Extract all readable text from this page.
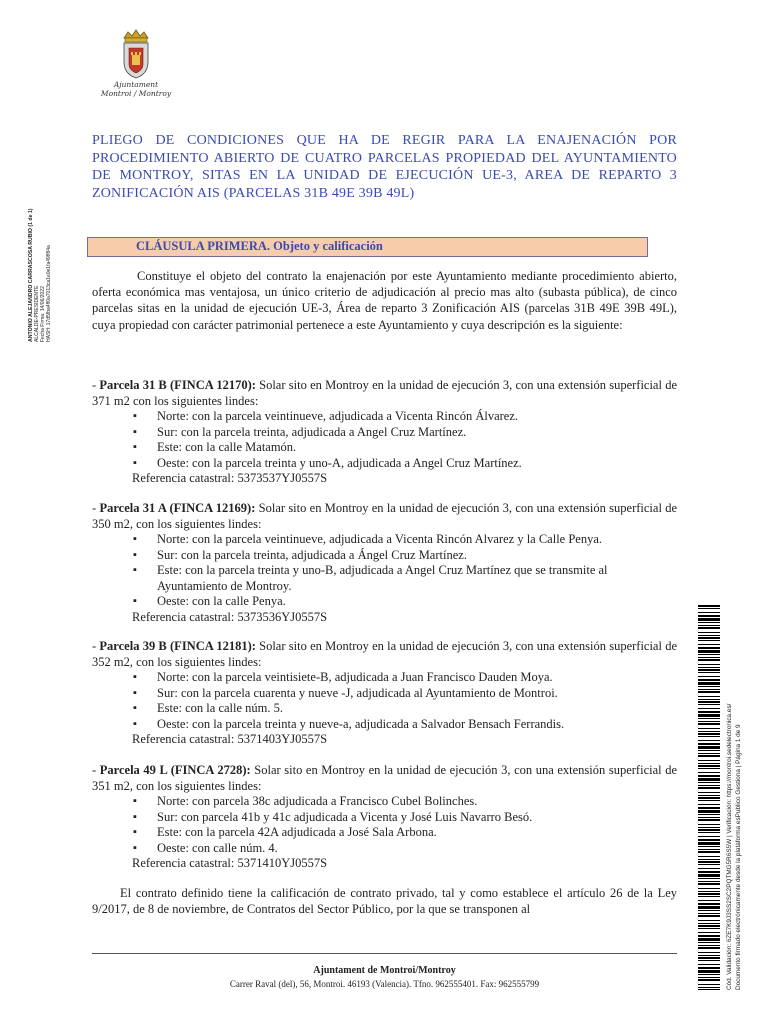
Ajuntament
Montroi / Montroy
PLIEGO DE CONDICIONES QUE HA DE REGIR PARA LA ENAJENACIÓN POR PROCEDIMIENTO ABIERTO DE CUATRO PARCELAS PROPIEDAD DEL AYUNTAMIENTO DE MONTROY, SITAS EN LA UNIDAD DE EJECUCIÓN UE-3, AREA DE REPARTO 3 ZONIFICACIÓN AIS (PARCELAS 31B 49E 39B 49L)
CLÁUSULA PRIMERA. Objeto y calificación
Constituye el objeto del contrato la enajenación por este Ayuntamiento mediante procedimiento abierto, oferta económica mas ventajosa, un único criterio de adjudicación al precio mas alto (subasta pública), de cinco parcelas sitas en la unidad de ejecución UE-3, Área de reparto 3 Zonificación AIS (parcelas 31B 49E 39B 49L), cuya propiedad con carácter patrimonial pertenece a este Ayuntamiento y cuya descripción es la siguiente:
- Parcela 31 B (FINCA 12170): Solar sito en Montroy en la unidad de ejecución 3, con una extensión superficial de 371 m2 con los siguientes lindes:
▪ Norte: con la parcela veintinueve, adjudicada a Vicenta Rincón Álvarez.
▪ Sur: con la parcela treinta, adjudicada a Angel Cruz Martínez.
▪ Este: con la calle Matamón.
▪ Oeste: con la parcela treinta y uno-A, adjudicada a Angel Cruz Martínez.
Referencia catastral: 5373537YJ0557S
- Parcela 31 A (FINCA 12169): Solar sito en Montroy en la unidad de ejecución 3, con una extensión superficial de 350 m2, con los siguientes lindes:
▪ Norte: con la parcela veintinueve, adjudicada a Vicenta Rincón Alvarez y la Calle Penya.
▪ Sur: con la parcela treinta, adjudicada a Ángel Cruz Martínez.
▪ Este: con la parcela treinta y uno-B, adjudicada a Angel Cruz Martínez que se transmite al Ayuntamiento de Montroy.
▪ Oeste: con la calle Penya.
Referencia catastral: 5373536YJ0557S
- Parcela 39 B (FINCA 12181): Solar sito en Montroy en la unidad de ejecución 3, con una extensión superficial de 352 m2, con los siguientes lindes:
▪ Norte: con la parcela veintisiete-B, adjudicada a Juan Francisco Dauden Moya.
▪ Sur: con la parcela cuarenta y nueve -J, adjudicada al Ayuntamiento de Montroi.
▪ Este: con la calle núm. 5.
▪ Oeste: con la parcela treinta y nueve-a, adjudicada a Salvador Bensach Ferrandis.
Referencia catastral: 5371403YJ0557S
- Parcela 49 L (FINCA 2728): Solar sito en Montroy en la unidad de ejecución 3, con una extensión superficial de 351 m2, con los siguientes lindes:
▪ Norte: con parcela 38c adjudicada a Francisco Cubel Bolinches.
▪ Sur: con parcela 41b y 41c adjudicada a Vicenta y José Luis Navarro Besó.
▪ Este: con la parcela 42A adjudicada a José Sala Arbona.
▪ Oeste: con calle núm. 4.
Referencia catastral: 5371410YJ0557S
El contrato definido tiene la calificación de contrato privado, tal y como establece el artículo 26 de la Ley 9/2017, de 8 de noviembre, de Contratos del Sector Público, por la que se transponen al
ANTONIO ALEJANDRO CARRASCOSA RUBIO (1 de 1) ALCALDE-PRESIDENTE Fecha Firma: 14/06/2022 HASH: 17d5fba4ff0a7013ca1e0e1fa49ff84a
Cód. Validación: 6ZE7K9J3SS2SC2PQTMG5R6S5W | Verificación: https://montroi.sedelectronica.es/ Documento firmado electrónicamente desde la plataforma esPublico Gestiona | Página 1 de 9
Ajuntament de Montroi/Montroy
Carrer Raval (del), 56, Montroi. 46193 (Valencia). Tfno. 962555401. Fax: 962555799
